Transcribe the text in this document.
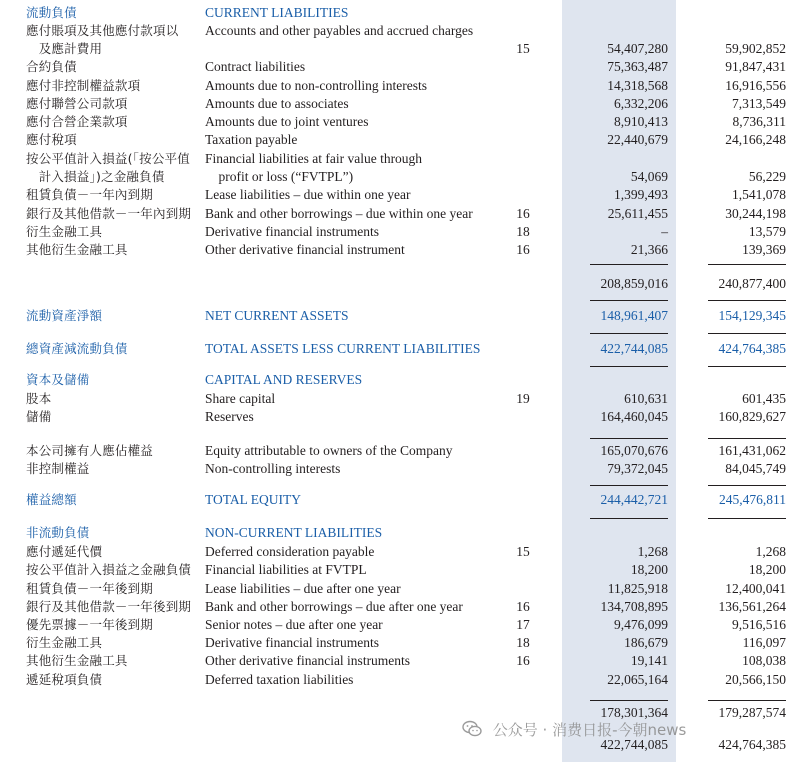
流動負債	CURRENT LIABILITIES
應付賬項及其他應付款項以 Accounts and other payables and accrued charges
　及應計費用	15	54,407,280	59,902,852
合約負債	Contract liabilities	75,363,487	91,847,431
應付非控制權益款項	Amounts due to non-controlling interests	14,318,568	16,916,556
應付聯營公司款項	Amounts due to associates	6,332,206	7,313,549
應付合營企業款項	Amounts due to joint ventures	8,910,413	8,736,311
應付稅項	Taxation payable	22,440,679	24,166,248
按公平值計入損益(「按公平值 Financial liabilities at fair value through
　計入損益」)之金融負債	　profit or loss (“FVTPL”)	54,069	56,229
租賃負債－一年內到期	Lease liabilities – due within one year	1,399,493	1,541,078
銀行及其他借款－一年內到期 Bank and other borrowings – due within one year	16	25,611,455	30,244,198
衍生金融工具	Derivative financial instruments	18	–	13,579
其他衍生金融工具	Other derivative financial instrument	16	21,366	139,369
208,859,016	240,877,400
流動資產淨額	NET CURRENT ASSETS	148,961,407	154,129,345
總資產減流動負債	TOTAL ASSETS LESS CURRENT LIABILITIES	422,744,085	424,764,385
資本及儲備	CAPITAL AND RESERVES
股本	Share capital	19	610,631	601,435
儲備	Reserves	164,460,045	160,829,627
本公司擁有人應佔權益	Equity attributable to owners of the Company	165,070,676	161,431,062
非控制權益	Non-controlling interests	79,372,045	84,045,749
權益總額	TOTAL EQUITY	244,442,721	245,476,811
非流動負債	NON-CURRENT LIABILITIES
應付遞延代價	Deferred consideration payable	15	1,268	1,268
按公平值計入損益之金融負債 Financial liabilities at FVTPL	18,200	18,200
租賃負債－一年後到期	Lease liabilities – due after one year	11,825,918	12,400,041
銀行及其他借款－一年後到期 Bank and other borrowings – due after one year	16	134,708,895	136,561,264
優先票據－一年後到期	Senior notes – due after one year	17	9,476,099	9,516,516
衍生金融工具	Derivative financial instruments	18	186,679	116,097
其他衍生金融工具	Other derivative financial instruments	16	19,141	108,038
遞延稅項負債	Deferred taxation liabilities	22,065,164	20,566,150
178,301,364	179,287,574
422,744,085	424,764,385
公众号 · 消费日报-今朝news
